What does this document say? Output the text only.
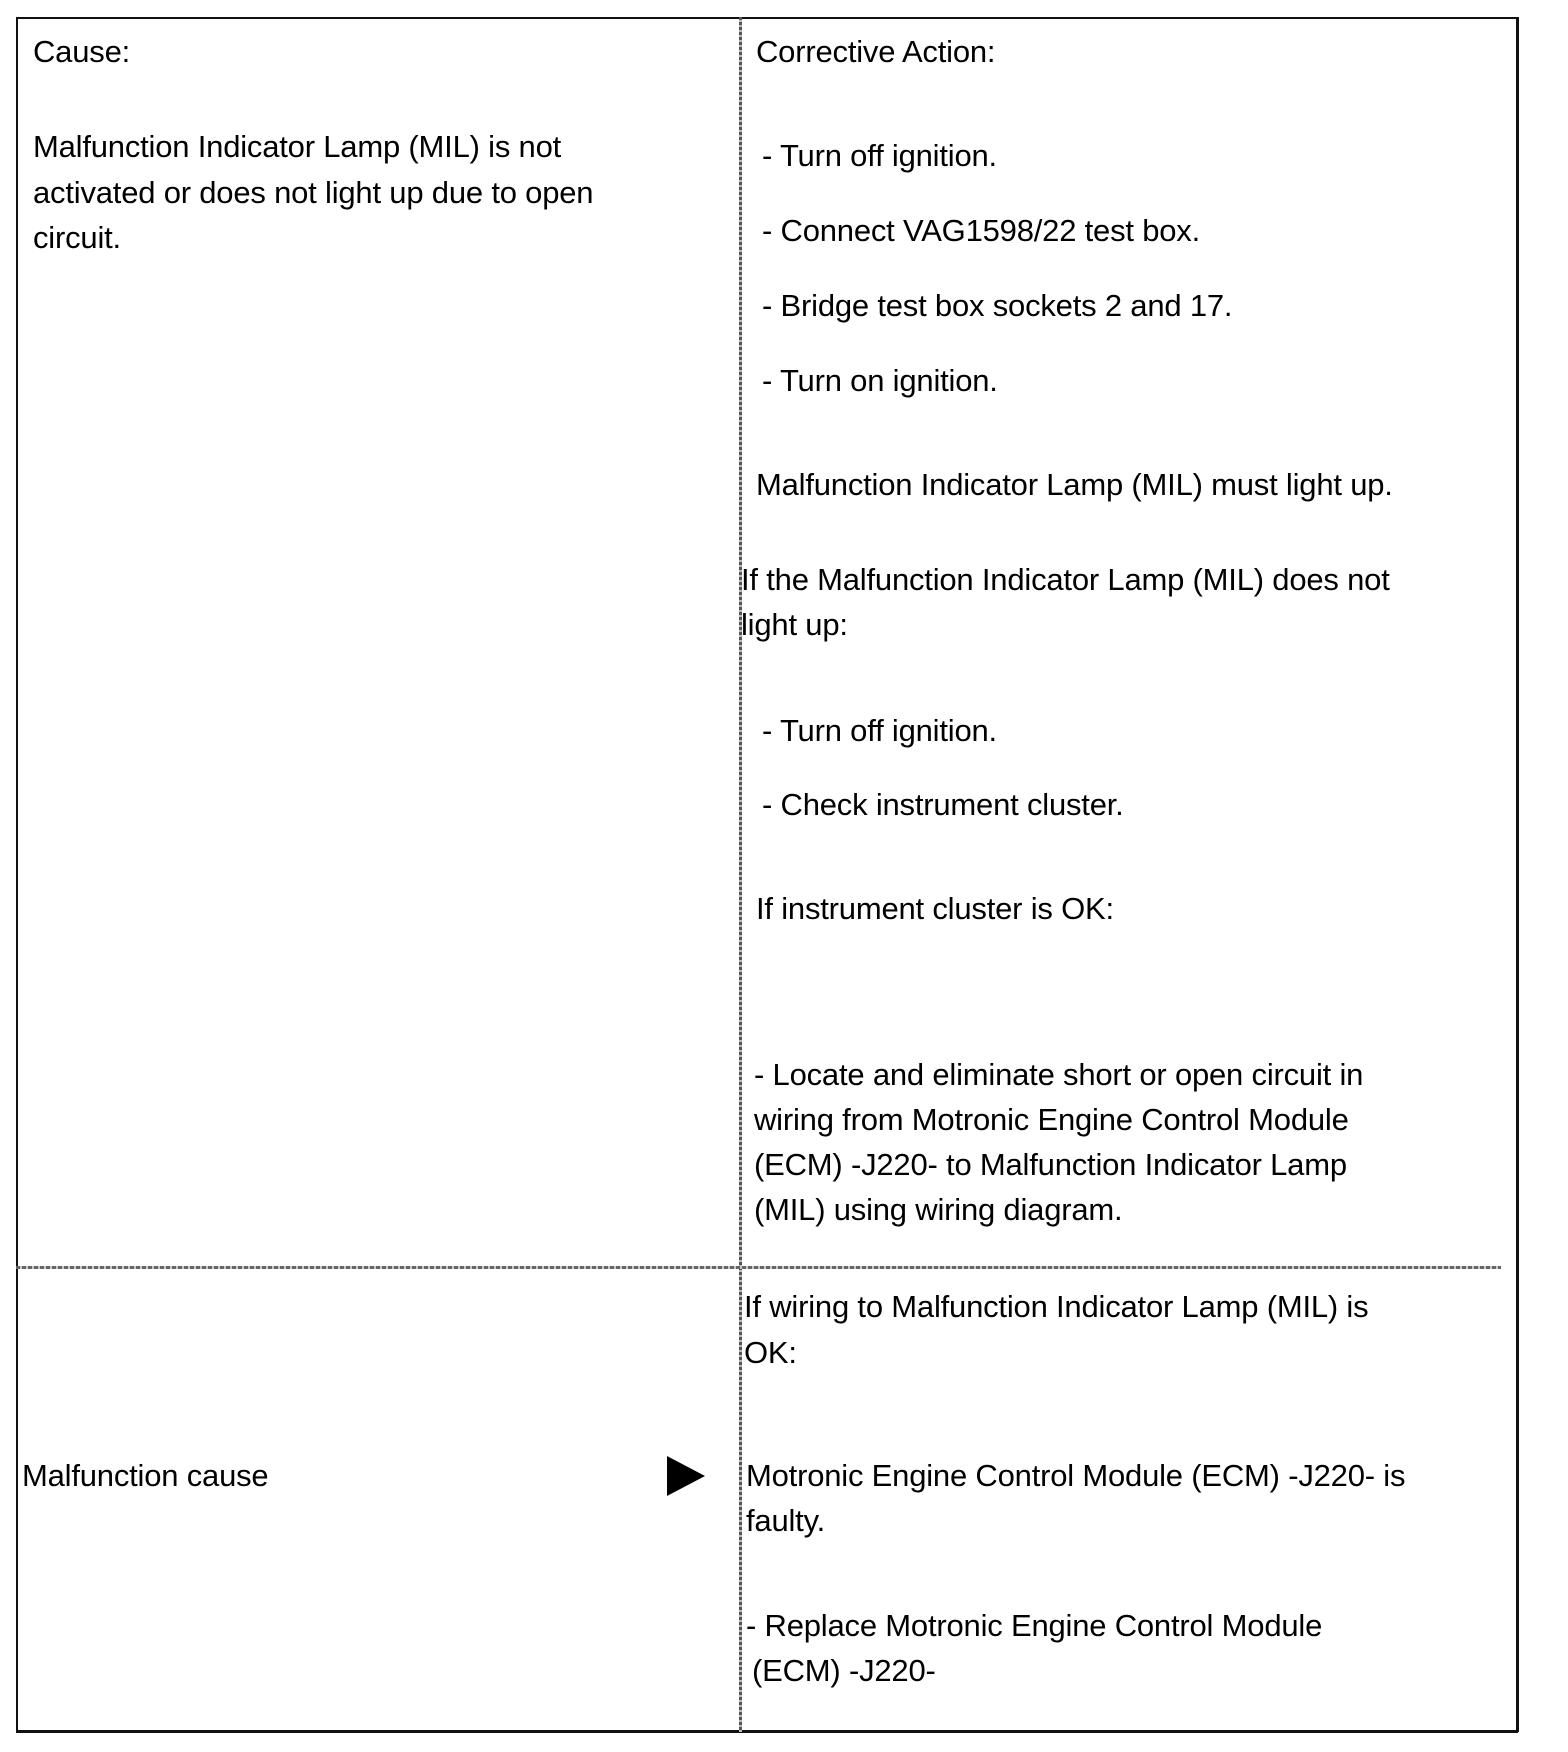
Cause:
Malfunction Indicator Lamp (MIL) is not
activated or does not light up due to open
circuit.
Corrective Action:
- Turn off ignition.
- Connect VAG1598/22 test box.
- Bridge test box sockets 2 and 17.
- Turn on ignition.
Malfunction Indicator Lamp (MIL) must light up.
If the Malfunction Indicator Lamp (MIL) does not
light up:
- Turn off ignition.
- Check instrument cluster.
If instrument cluster is OK:
- Locate and eliminate short or open circuit in
wiring from Motronic Engine Control Module
(ECM) -J220- to Malfunction Indicator Lamp
(MIL) using wiring diagram.
Malfunction cause
If wiring to Malfunction Indicator Lamp (MIL) is
OK:
Motronic Engine Control Module (ECM) -J220- is
faulty.
- Replace Motronic Engine Control Module
(ECM) -J220-
